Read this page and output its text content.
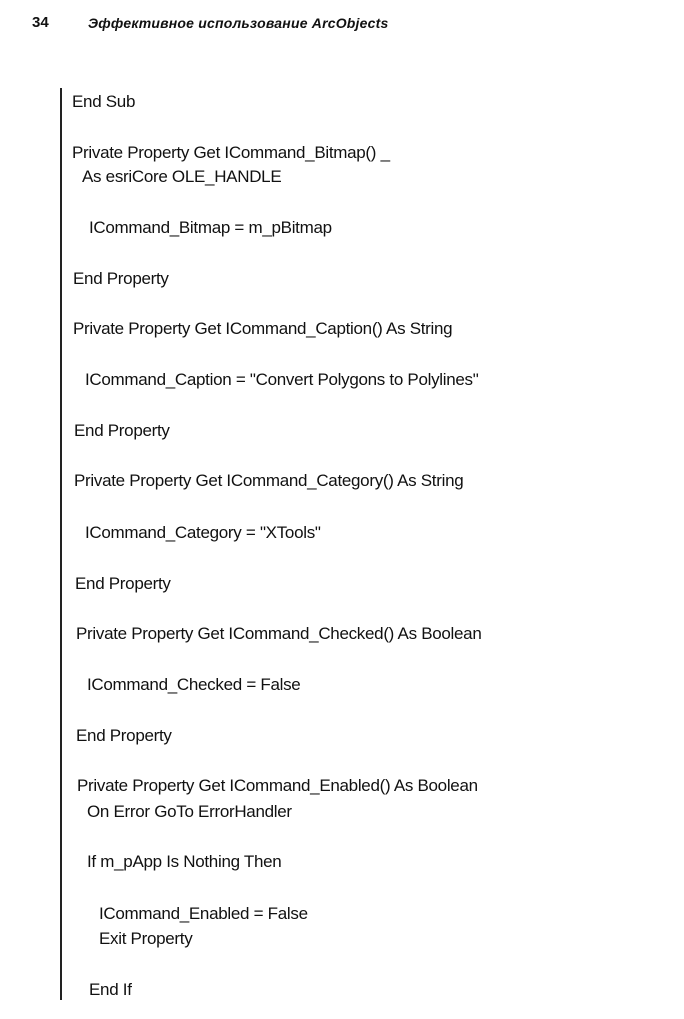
34	Эффективное использование ArcObjects
End Sub
Private Property Get ICommand_Bitmap() _
As esriCore OLE_HANDLE
ICommand_Bitmap = m_pBitmap
End Property
Private Property Get ICommand_Caption() As String
ICommand_Caption = "Convert Polygons to Polylines"
End Property
Private Property Get ICommand_Category() As String
ICommand_Category = "XTools"
End Property
Private Property Get ICommand_Checked() As Boolean
ICommand_Checked = False
End Property
Private Property Get ICommand_Enabled() As Boolean
On Error GoTo ErrorHandler
If m_pApp Is Nothing Then
ICommand_Enabled = False
Exit Property
End If
